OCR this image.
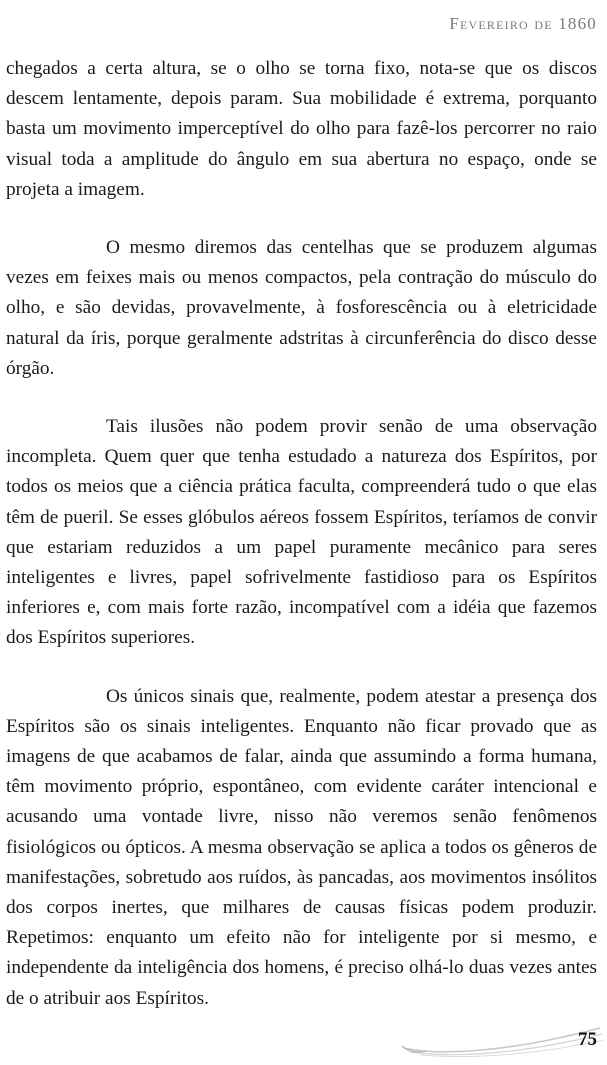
Fevereiro de 1860

chegados a certa altura, se o olho se torna fixo, nota-se que os discos descem lentamente, depois param. Sua mobilidade é extrema, porquanto basta um movimento imperceptível do olho para fazê-los percorrer no raio visual toda a amplitude do ângulo em sua abertura no espaço, onde se projeta a imagem.

O mesmo diremos das centelhas que se produzem algumas vezes em feixes mais ou menos compactos, pela contração do músculo do olho, e são devidas, provavelmente, à fosforescência ou à eletricidade natural da íris, porque geralmente adstritas à circunferência do disco desse órgão.

Tais ilusões não podem provir senão de uma observação incompleta. Quem quer que tenha estudado a natureza dos Espíritos, por todos os meios que a ciência prática faculta, compreenderá tudo o que elas têm de pueril. Se esses glóbulos aéreos fossem Espíritos, teríamos de convir que estariam reduzidos a um papel puramente mecânico para seres inteligentes e livres, papel sofrivelmente fastidioso para os Espíritos inferiores e, com mais forte razão, incompatível com a idéia que fazemos dos Espíritos superiores.

Os únicos sinais que, realmente, podem atestar a presença dos Espíritos são os sinais inteligentes. Enquanto não ficar provado que as imagens de que acabamos de falar, ainda que assumindo a forma humana, têm movimento próprio, espontâneo, com evidente caráter intencional e acusando uma vontade livre, nisso não veremos senão fenômenos fisiológicos ou ópticos. A mesma observação se aplica a todos os gêneros de manifestações, sobretudo aos ruídos, às pancadas, aos movimentos insólitos dos corpos inertes, que milhares de causas físicas podem produzir. Repetimos: enquanto um efeito não for inteligente por si mesmo, e independente da inteligência dos homens, é preciso olhá-lo duas vezes antes de o atribuir aos Espíritos.

75
